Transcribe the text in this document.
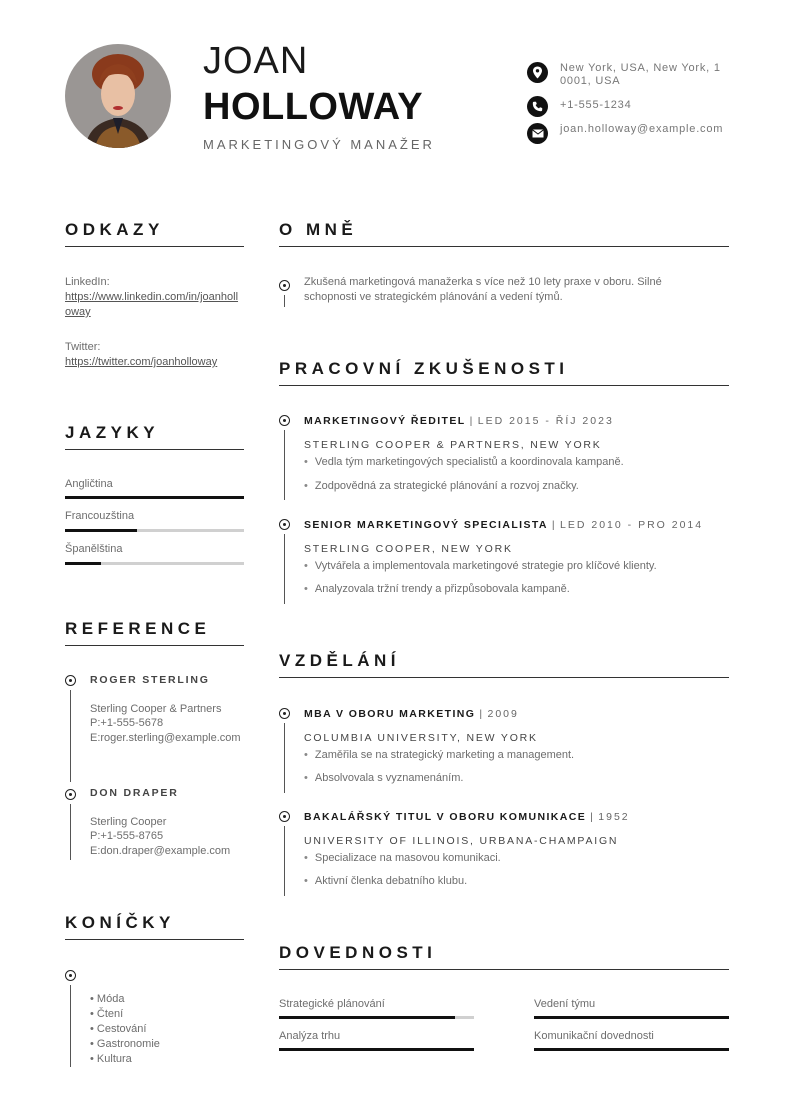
JOAN
HOLLOWAY
MARKETINGOVÝ MANAŽER
New York, USA, New York, 10001, USA
+1-555-1234
joan.holloway@example.com
ODKAZY
LinkedIn:
https://www.linkedin.com/in/joanholloway
Twitter:
https://twitter.com/joanholloway
JAZYKY
Angličtina
Francouzština
Španělština
REFERENCE
ROGER STERLING
Sterling Cooper & Partners
P:+1-555-5678
E:roger.sterling@example.com
DON DRAPER
Sterling Cooper
P:+1-555-8765
E:don.draper@example.com
KONÍČKY
• Móda
• Čtení
• Cestování
• Gastronomie
• Kultura
O MNĚ
Zkušená marketingová manažerka s více než 10 lety praxe v oboru. Silné
schopnosti ve strategickém plánování a vedení týmů.
PRACOVNÍ ZKUŠENOSTI
MARKETINGOVÝ ŘEDITEL | LED 2015 - ŘÍJ 2023
STERLING COOPER & PARTNERS, NEW YORK
• Vedla tým marketingových specialistů a koordinovala kampaně.
• Zodpovědná za strategické plánování a rozvoj značky.
SENIOR MARKETINGOVÝ SPECIALISTA | LED 2010 - PRO 2014
STERLING COOPER, NEW YORK
• Vytvářela a implementovala marketingové strategie pro klíčové klienty.
• Analyzovala tržní trendy a přizpůsobovala kampaně.
VZDĚLÁNÍ
MBA V OBORU MARKETING | 2009
COLUMBIA UNIVERSITY, NEW YORK
• Zaměřila se na strategický marketing a management.
• Absolvovala s vyznamenáním.
BAKALÁŘSKÝ TITUL V OBORU KOMUNIKACE | 1952
UNIVERSITY OF ILLINOIS, URBANA-CHAMPAIGN
• Specializace na masovou komunikaci.
• Aktivní členka debatního klubu.
DOVEDNOSTI
Strategické plánování	Vedení týmu
Analýza trhu	Komunikační dovednosti
